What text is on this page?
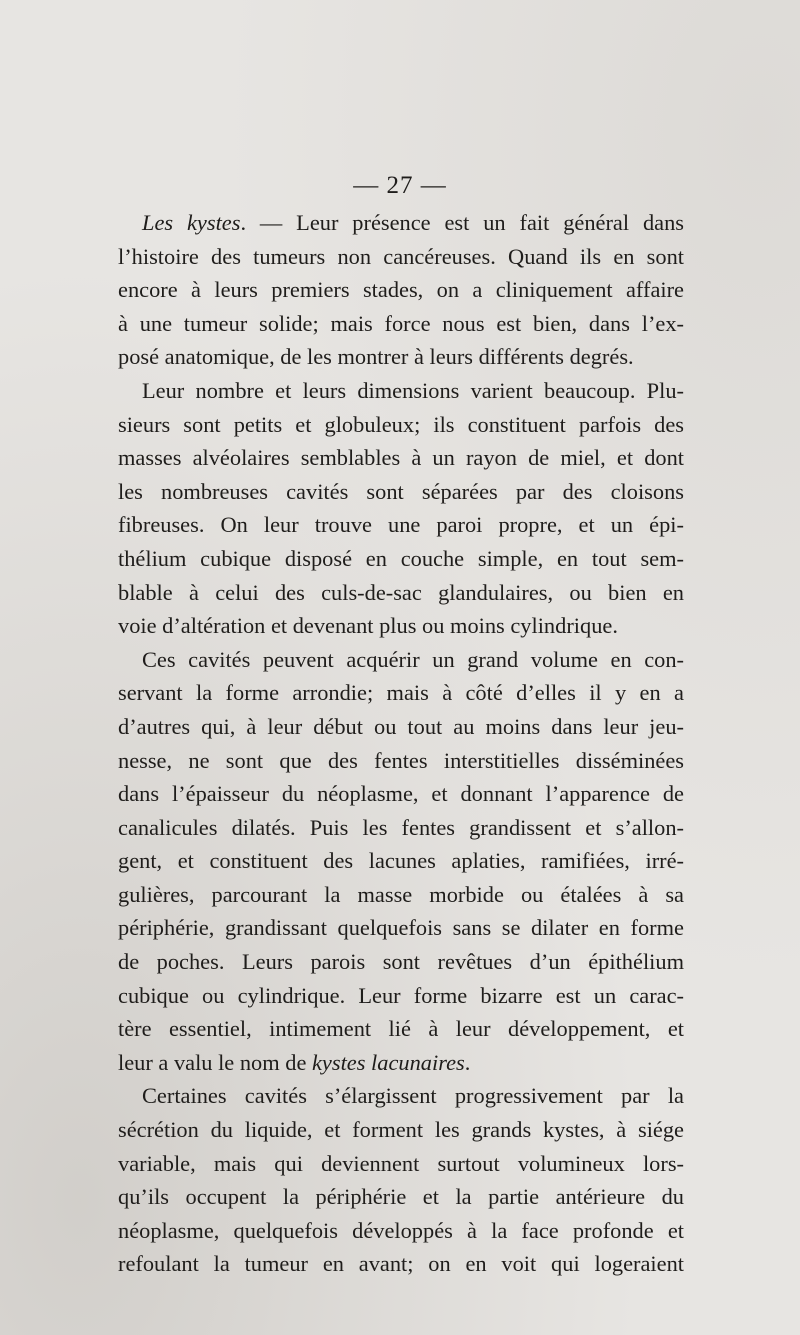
— 27 —

Les kystes. — Leur présence est un fait général dans

l’histoire des tumeurs non cancéreuses. Quand ils en sont

encore à leurs premiers stades, on a cliniquement affaire

à une tumeur solide; mais force nous est bien, dans l’ex-

posé anatomique, de les montrer à leurs différents degrés.

Leur nombre et leurs dimensions varient beaucoup. Plu-

sieurs sont petits et globuleux; ils constituent parfois des

masses alvéolaires semblables à un rayon de miel, et dont

les nombreuses cavités sont séparées par des cloisons

fibreuses. On leur trouve une paroi propre, et un épi-

thélium cubique disposé en couche simple, en tout sem-

blable à celui des culs-de-sac glandulaires, ou bien en

voie d’altération et devenant plus ou moins cylindrique.

Ces cavités peuvent acquérir un grand volume en con-

servant la forme arrondie; mais à côté d’elles il y en a

d’autres qui, à leur début ou tout au moins dans leur jeu-

nesse, ne sont que des fentes interstitielles disséminées

dans l’épaisseur du néoplasme, et donnant l’apparence de

canalicules dilatés. Puis les fentes grandissent et s’allon-

gent, et constituent des lacunes aplaties, ramifiées, irré-

gulières, parcourant la masse morbide ou étalées à sa

périphérie, grandissant quelquefois sans se dilater en forme

de poches. Leurs parois sont revêtues d’un épithélium

cubique ou cylindrique. Leur forme bizarre est un carac-

tère essentiel, intimement lié à leur développement, et

leur a valu le nom de kystes lacunaires.

Certaines cavités s’élargissent progressivement par la

sécrétion du liquide, et forment les grands kystes, à siége

variable, mais qui deviennent surtout volumineux lors-

qu’ils occupent la périphérie et la partie antérieure du

néoplasme, quelquefois développés à la face profonde et

refoulant la tumeur en avant; on en voit qui logeraient
